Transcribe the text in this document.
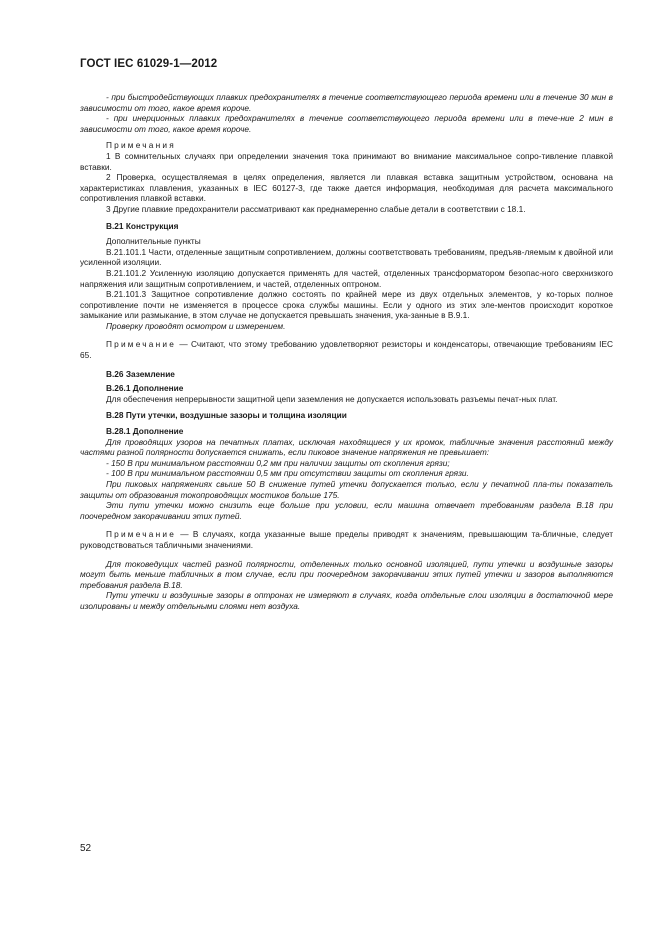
ГОСТ IEC 61029-1—2012

- при быстродействующих плавких предохранителях в течение соответствующего периода времени или в течение 30 мин в зависимости от того, какое время короче.

- при инерционных плавких предохранителях в течение соответствующего периода времени или в тече-ние 2 мин в зависимости от того, какое время короче.

Примечания

1 В сомнительных случаях при определении значения тока принимают во внимание максимальное сопро-тивление плавкой вставки.

2 Проверка, осуществляемая в целях определения, является ли плавкая вставка защитным устройством, основана на характеристиках плавления, указанных в IEC 60127-3, где также дается информация, необходимая для расчета максимального сопротивления плавкой вставки.

3 Другие плавкие предохранители рассматривают как преднамеренно слабые детали в соответствии с 18.1.

B.21 Конструкция

Дополнительные пункты

B.21.101.1 Части, отделенные защитным сопротивлением, должны соответствовать требованиям, предъяв-ляемым к двойной или усиленной изоляции.

B.21.101.2 Усиленную изоляцию допускается применять для частей, отделенных трансформатором безопас-ного сверхнизкого напряжения или защитным сопротивлением, и частей, отделенных оптроном.

B.21.101.3 Защитное сопротивление должно состоять по крайней мере из двух отдельных элементов, у ко-торых полное сопротивление почти не изменяется в процессе срока службы машины. Если у одного из этих эле-ментов происходит короткое замыкание или размыкание, в этом случае не допускается превышать значения, ука-занные в B.9.1.

Проверку проводят осмотром и измерением.

Примечание — Считают, что этому требованию удовлетворяют резисторы и конденсаторы, отвечающие требованиям IEC 65.

B.26 Заземление

B.26.1 Дополнение

Для обеспечения непрерывности защитной цепи заземления не допускается использовать разъемы печат-ных плат.

B.28 Пути утечки, воздушные зазоры и толщина изоляции

B.28.1 Дополнение

Для проводящих узоров на печатных платах, исключая находящиеся у их кромок, табличные значения расстояний между частями разной полярности допускается снижать, если пиковое значение напряжения не превышает:

- 150 В при минимальном расстоянии 0,2 мм при наличии защиты от скопления грязи;

- 100 В при минимальном расстоянии 0,5 мм при отсутствии защиты от скопления грязи.

При пиковых напряжениях свыше 50 В снижение путей утечки допускается только, если у печатной пла-ты показатель защиты от образования токопроводящих мостиков больше 175.

Эти пути утечки можно снизить еще больше при условии, если машина отвечает требованиям раздела B.18 при поочередном закорачивании этих путей.

Примечание — В случаях, когда указанные выше пределы приводят к значениям, превышающим та-бличные, следует руководствоваться табличными значениями.

Для токоведущих частей разной полярности, отделенных только основной изоляцией, пути утечки и воздушные зазоры могут быть меньше табличных в том случае, если при поочередном закорачивании этих путей утечки и зазоров выполняются требования раздела B.18.

Пути утечки и воздушные зазоры в оптронах не измеряют в случаях, когда отдельные слои изоляции в достаточной мере изолированы и между отдельными слоями нет воздуха.

52
